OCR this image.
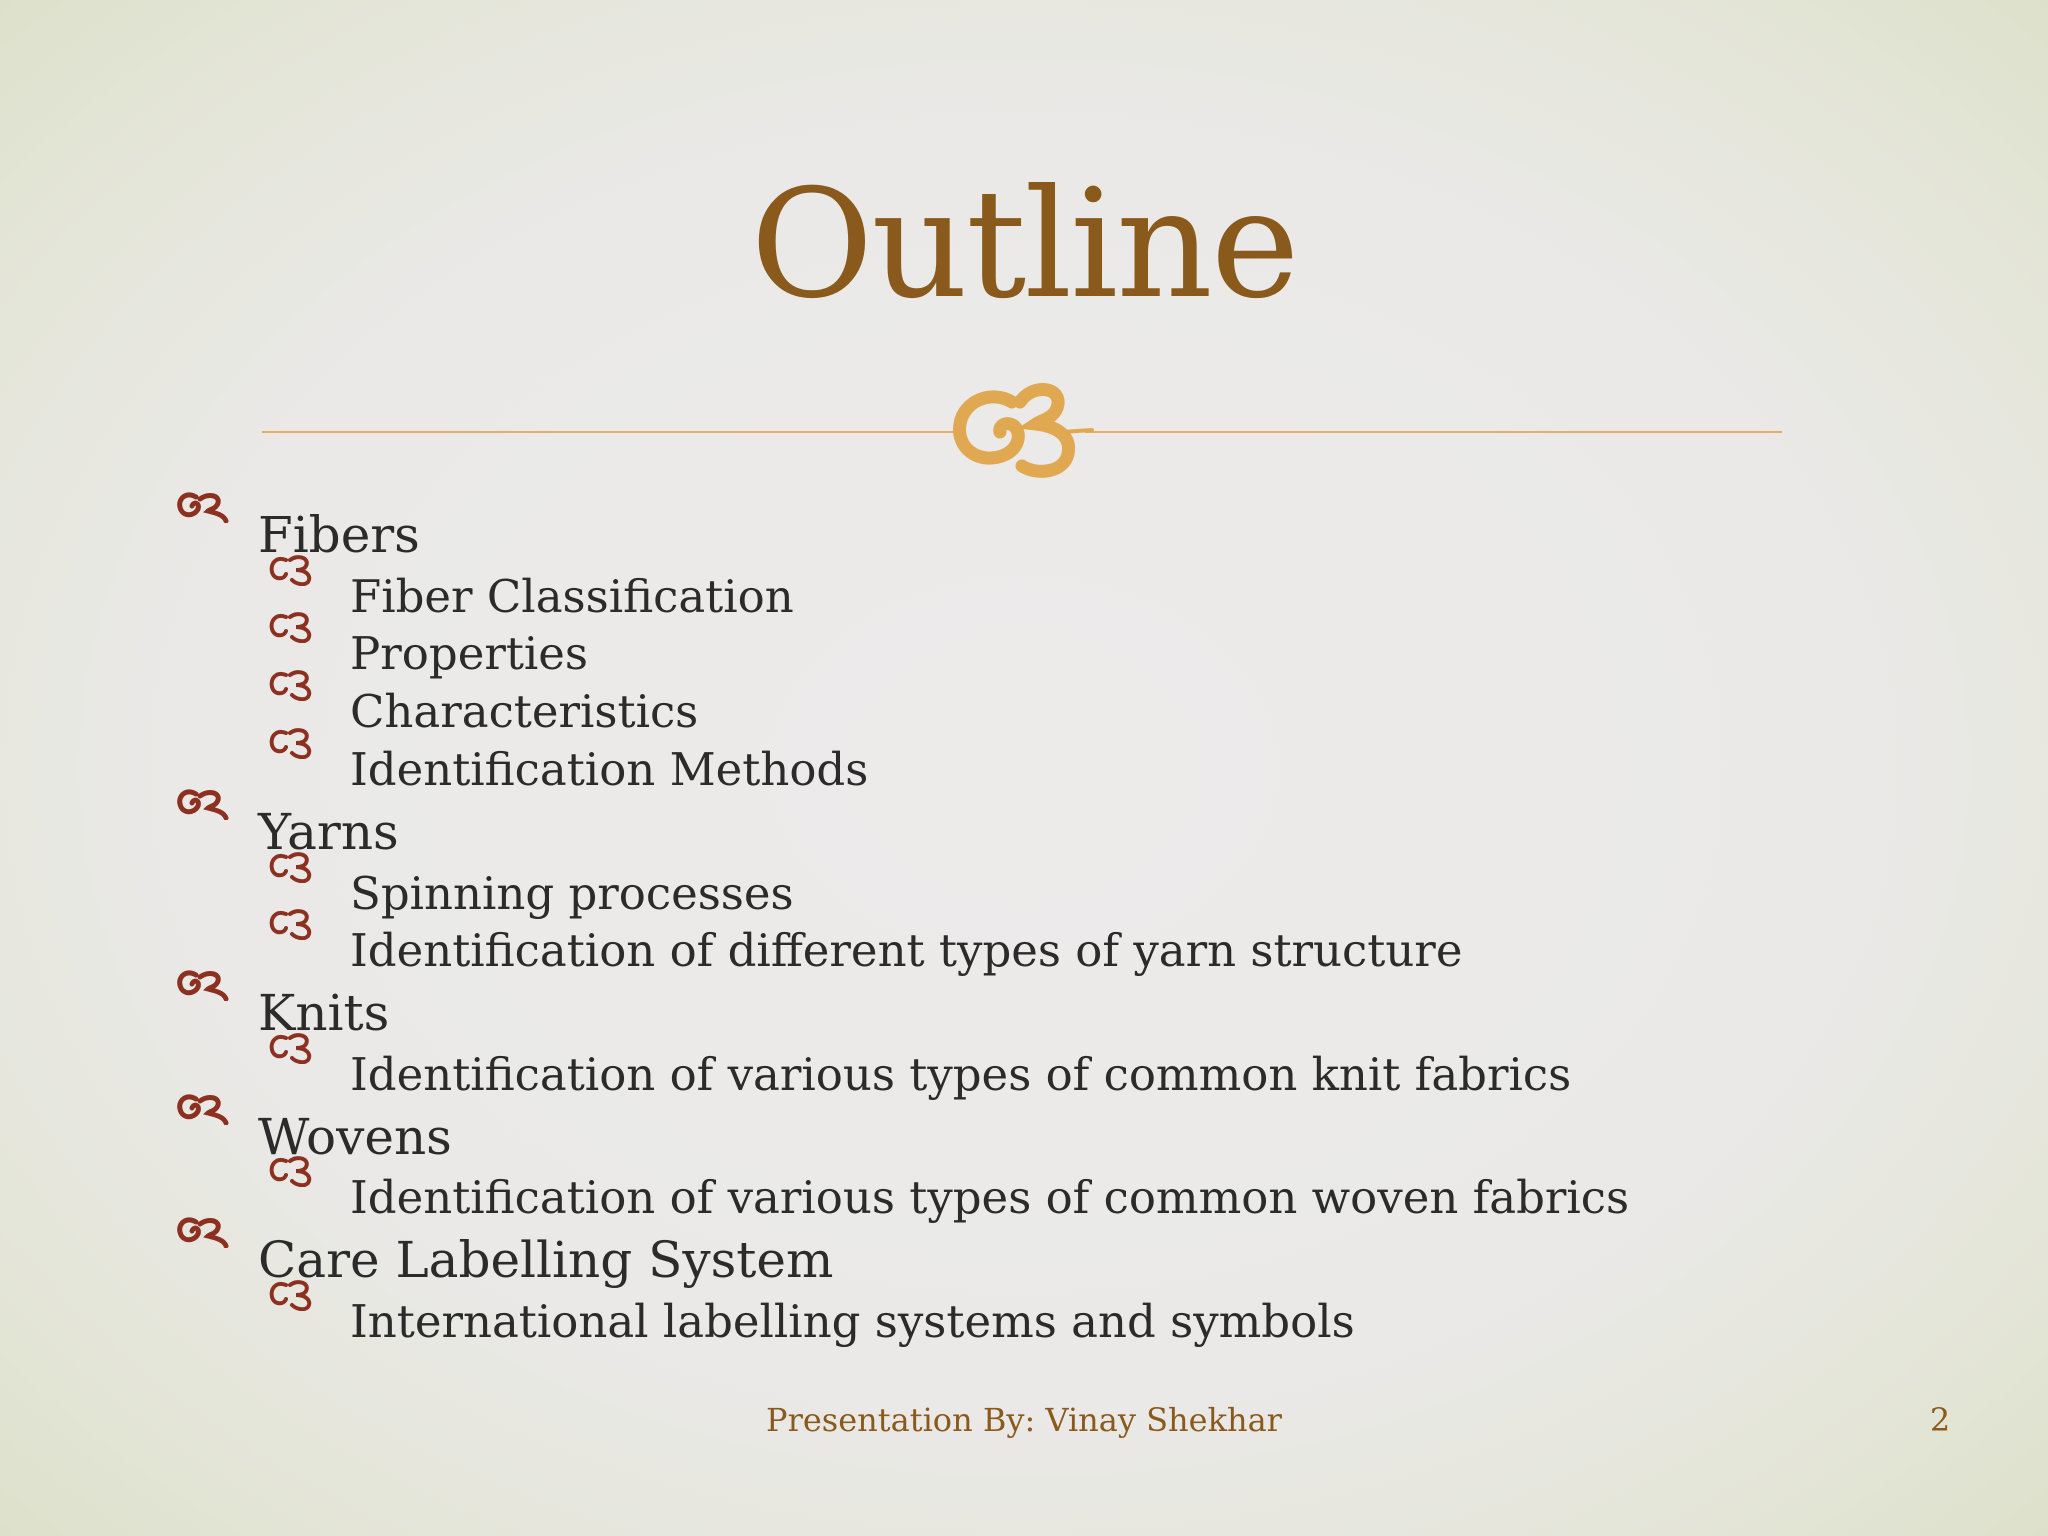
Outline
Fibers
Fiber Classification
Properties
Characteristics
Identification Methods
Yarns
Spinning processes
Identification of different types of yarn structure
Knits
Identification of various types of common knit fabrics
Wovens
Identification of various types of common woven fabrics
Care Labelling System
International labelling systems and symbols
Presentation By: Vinay Shekhar	2
